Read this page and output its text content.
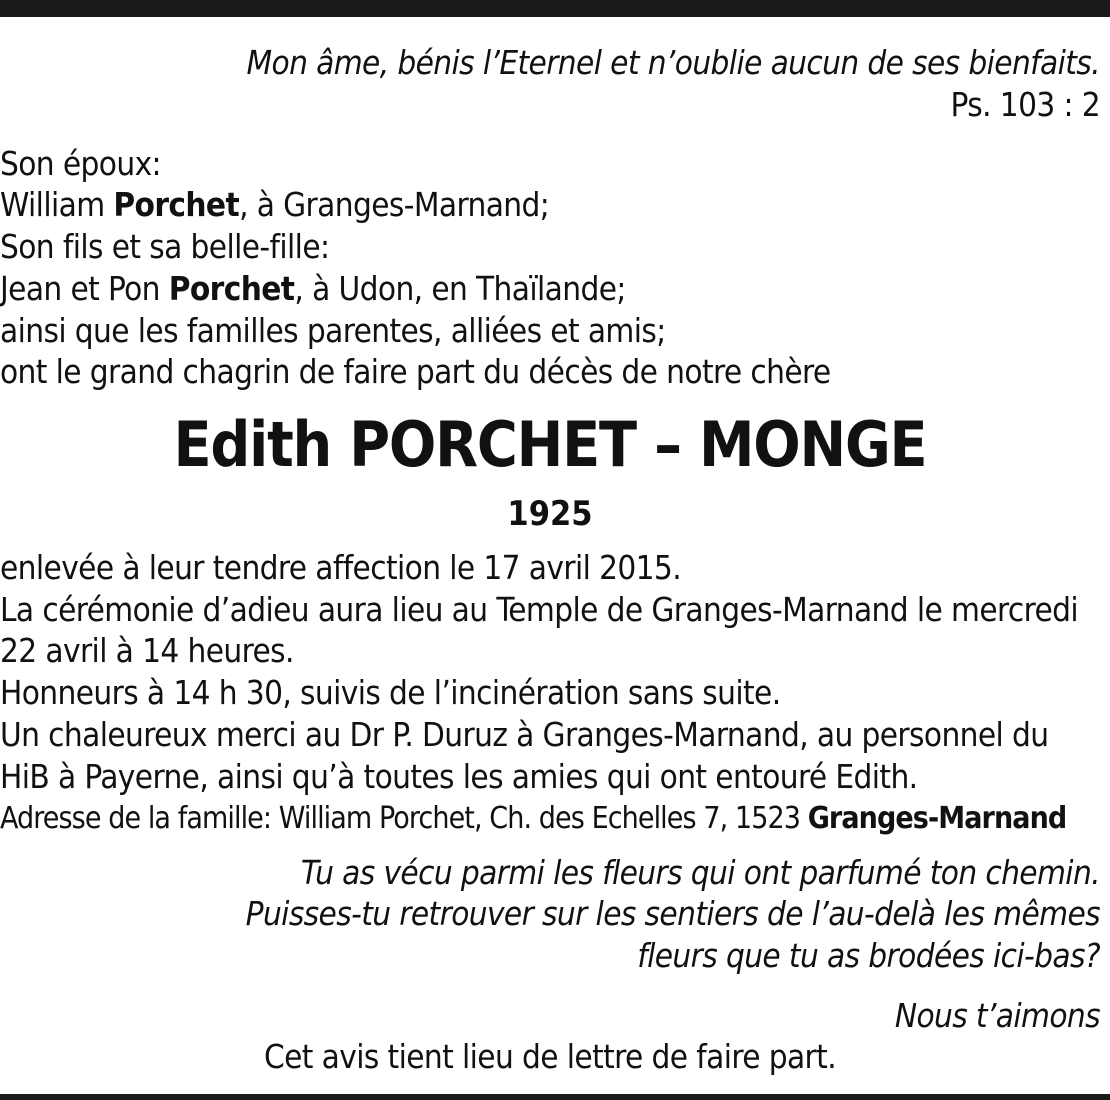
Mon âme, bénis l’Eternel et n’oublie aucun de ses bienfaits.
Ps. 103 : 2
Son époux:
William Porchet, à Granges-Marnand;
Son fils et sa belle-fille:
Jean et Pon Porchet, à Udon, en Thaïlande;
ainsi que les familles parentes, alliées et amis;
ont le grand chagrin de faire part du décès de notre chère
Edith PORCHET – MONGE
1925
enlevée à leur tendre affection le 17 avril 2015.
La cérémonie d’adieu aura lieu au Temple de Granges-Marnand le mercredi
22 avril à 14 heures.
Honneurs à 14 h 30, suivis de l’incinération sans suite.
Un chaleureux merci au Dr P. Duruz à Granges-Marnand, au personnel du
HiB à Payerne, ainsi qu’à toutes les amies qui ont entouré Edith.
Adresse de la famille: William Porchet, Ch. des Echelles 7, 1523 Granges-Marnand
Tu as vécu parmi les fleurs qui ont parfumé ton chemin.
Puisses-tu retrouver sur les sentiers de l’au-delà les mêmes
fleurs que tu as brodées ici-bas?
Nous t’aimons
Cet avis tient lieu de lettre de faire part.
